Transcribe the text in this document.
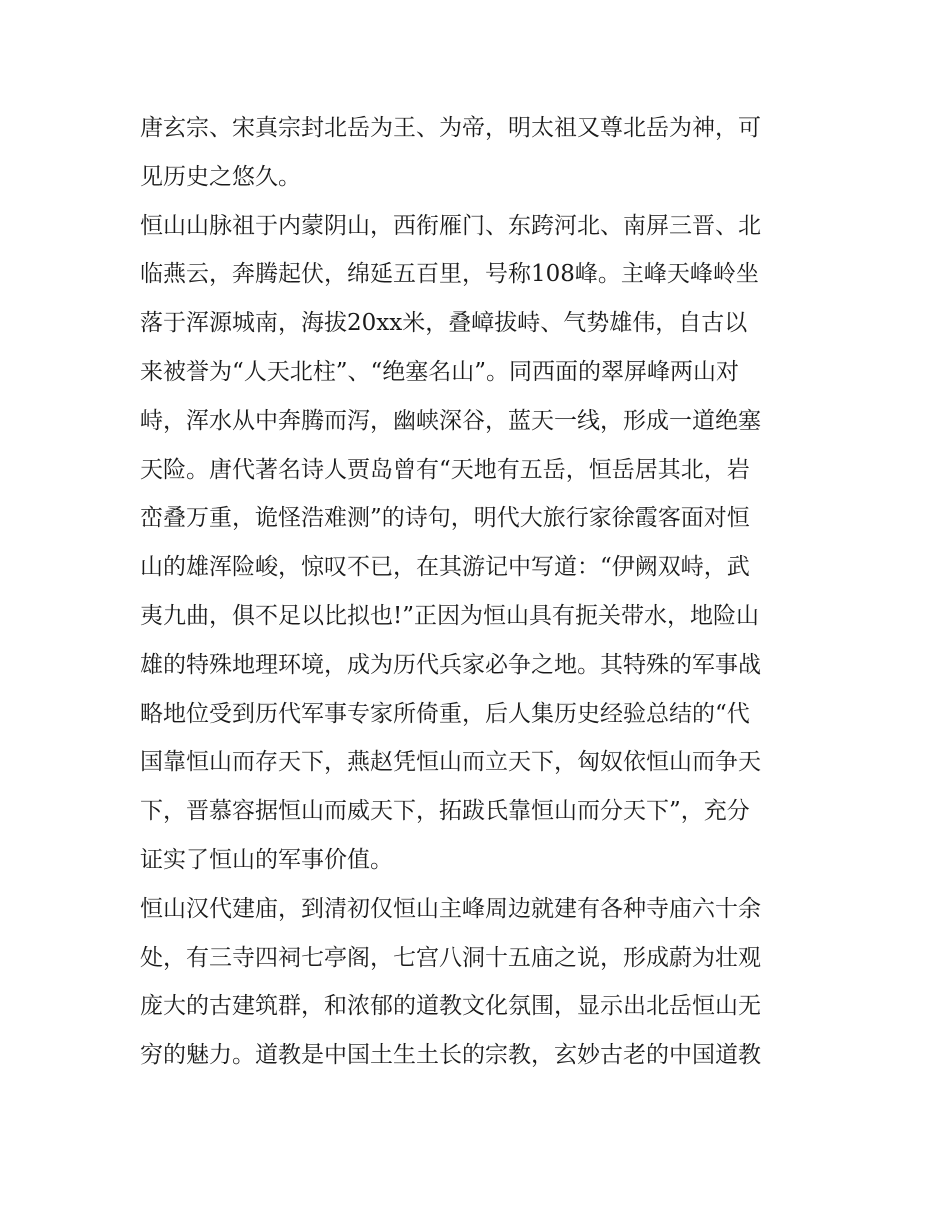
唐玄宗、宋真宗封北岳为王、为帝，明太祖又尊北岳为神，可
见历史之悠久。
恒山山脉祖于内蒙阴山，西衔雁门、东跨河北、南屏三晋、北
临燕云，奔腾起伏，绵延五百里，号称108峰。主峰天峰岭坐
落于浑源城南，海拔20xx米，叠嶂拔峙、气势雄伟，自古以
来被誉为“人天北柱”、“绝塞名山”。同西面的翠屏峰两山对
峙，浑水从中奔腾而泻，幽峡深谷，蓝天一线，形成一道绝塞
天险。唐代著名诗人贾岛曾有“天地有五岳，恒岳居其北，岩
峦叠万重，诡怪浩难测”的诗句，明代大旅行家徐霞客面对恒
山的雄浑险峻，惊叹不已，在其游记中写道：“伊阙双峙，武
夷九曲，俱不足以比拟也!”正因为恒山具有扼关带水，地险山
雄的特殊地理环境，成为历代兵家必争之地。其特殊的军事战
略地位受到历代军事专家所倚重，后人集历史经验总结的“代
国靠恒山而存天下，燕赵凭恒山而立天下，匈奴依恒山而争天
下，晋慕容据恒山而威天下，拓跋氏靠恒山而分天下”，充分
证实了恒山的军事价值。
恒山汉代建庙，到清初仅恒山主峰周边就建有各种寺庙六十余
处，有三寺四祠七亭阁，七宫八洞十五庙之说，形成蔚为壮观
庞大的古建筑群，和浓郁的道教文化氛围，显示出北岳恒山无
穷的魅力。道教是中国土生土长的宗教，玄妙古老的中国道教
